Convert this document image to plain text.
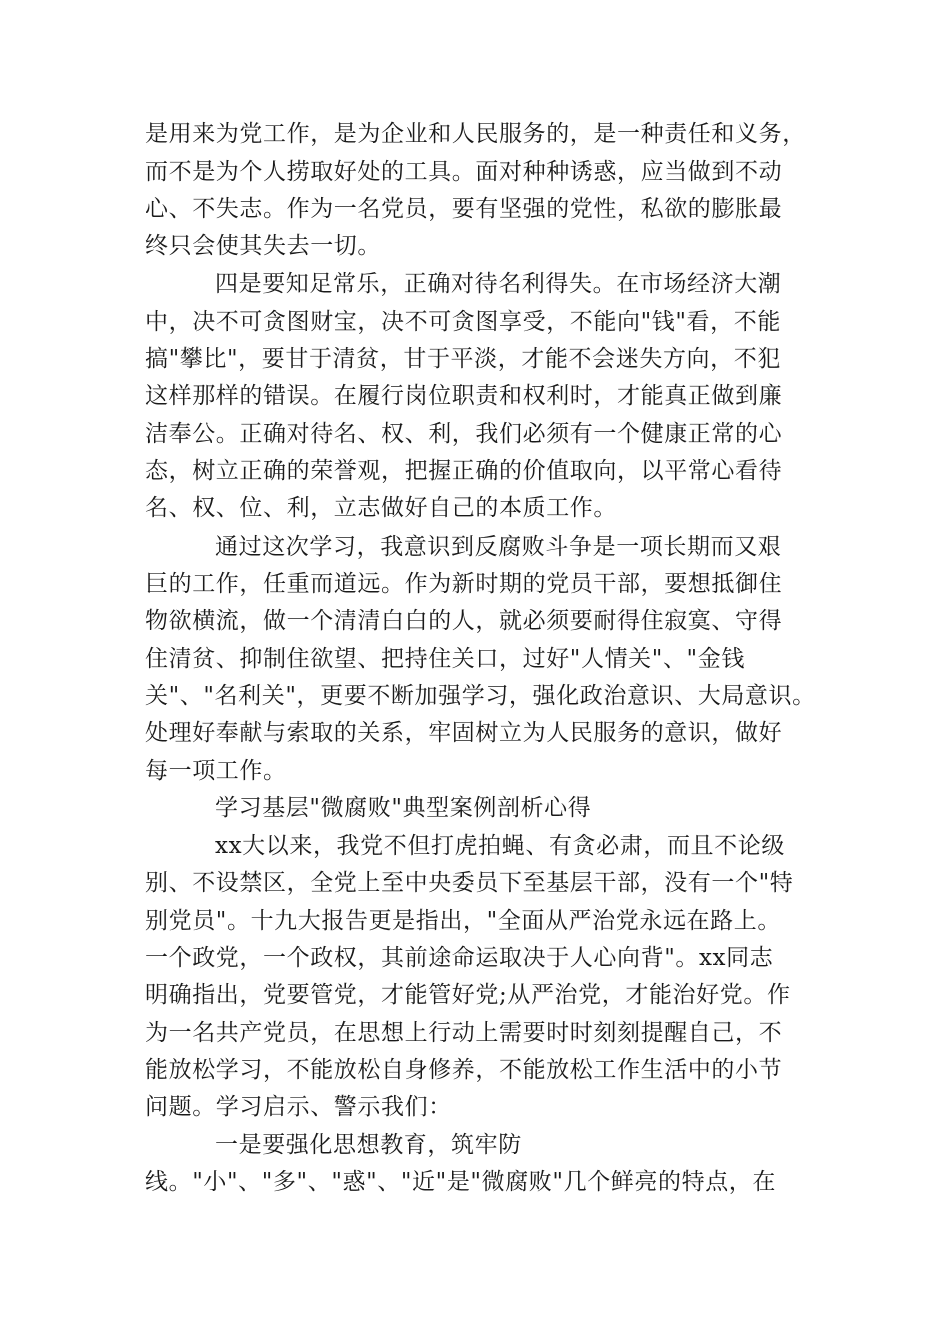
是用来为党工作，是为企业和人民服务的，是一种责任和义务，

而不是为个人捞取好处的工具。面对种种诱惑，应当做到不动

心、不失志。作为一名党员，要有坚强的党性，私欲的膨胀最

终只会使其失去一切。

四是要知足常乐，正确对待名利得失。在市场经济大潮

中，决不可贪图财宝，决不可贪图享受，不能向"钱"看，不能

搞"攀比"，要甘于清贫，甘于平淡，才能不会迷失方向，不犯

这样那样的错误。在履行岗位职责和权利时，才能真正做到廉

洁奉公。正确对待名、权、利，我们必须有一个健康正常的心

态，树立正确的荣誉观，把握正确的价值取向，以平常心看待

名、权、位、利，立志做好自己的本质工作。

通过这次学习，我意识到反腐败斗争是一项长期而又艰

巨的工作，任重而道远。作为新时期的党员干部，要想抵御住

物欲横流，做一个清清白白的人，就必须要耐得住寂寞、守得

住清贫、抑制住欲望、把持住关口，过好"人情关"、"金钱

关"、"名利关"，更要不断加强学习，强化政治意识、大局意识。

处理好奉献与索取的关系，牢固树立为人民服务的意识，做好

每一项工作。

学习基层"微腐败"典型案例剖析心得

xx大以来，我党不但打虎拍蝇、有贪必肃，而且不论级

别、不设禁区，全党上至中央委员下至基层干部，没有一个"特

别党员"。十九大报告更是指出，"全面从严治党永远在路上。

一个政党，一个政权，其前途命运取决于人心向背"。xx同志

明确指出，党要管党，才能管好党;从严治党，才能治好党。作

为一名共产党员，在思想上行动上需要时时刻刻提醒自己，不

能放松学习，不能放松自身修养，不能放松工作生活中的小节

问题。学习启示、警示我们：

一是要强化思想教育，筑牢防

线。"小"、"多"、"惑"、"近"是"微腐败"几个鲜亮的特点，在
